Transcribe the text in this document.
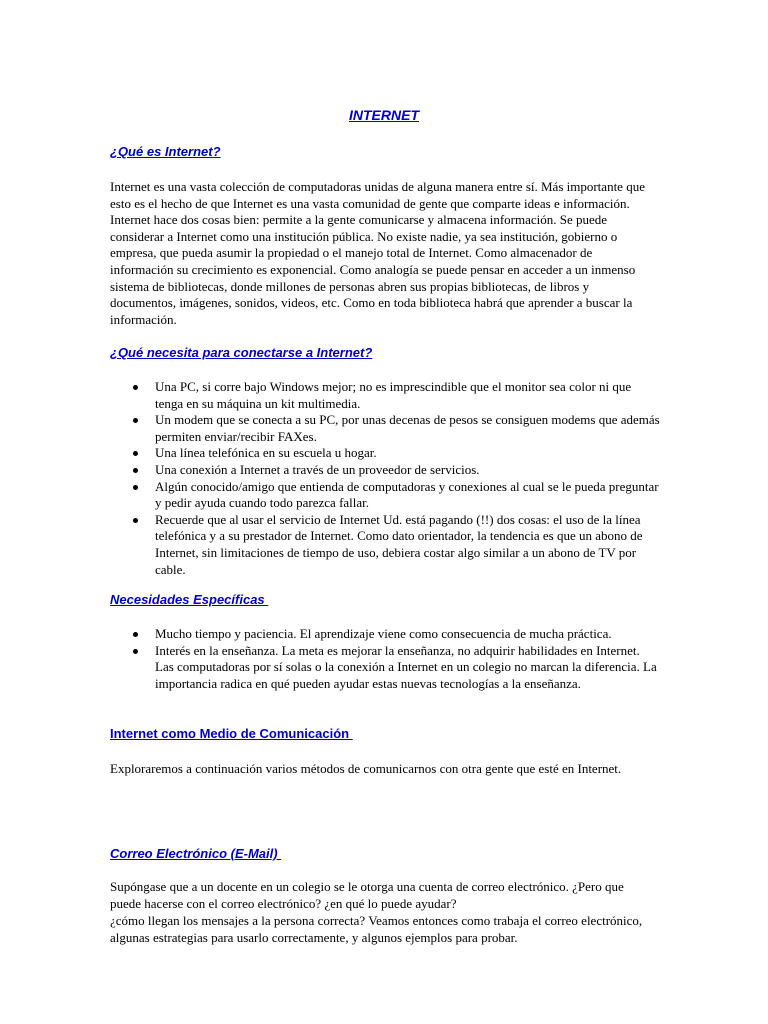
INTERNET
¿Qué es Internet?

Internet es una vasta colección de computadoras unidas de alguna manera entre sí. Más importante que esto es el hecho de que Internet es una vasta comunidad de gente que comparte ideas e información. Internet hace dos cosas bien: permite a la gente comunicarse y almacena información. Se puede considerar a Internet como una institución pública. No existe nadie, ya sea institución, gobierno o empresa, que pueda asumir la propiedad o el manejo total de Internet. Como almacenador de información su crecimiento es exponencial. Como analogía se puede pensar en acceder a un inmenso sistema de bibliotecas, donde millones de personas abren sus propias bibliotecas, de libros y documentos, imágenes, sonidos, videos, etc. Como en toda biblioteca habrá que aprender a buscar la información.

¿Qué necesita para conectarse a Internet?
Una PC, si corre bajo Windows mejor; no es imprescindible que el monitor sea color ni que tenga en su máquina un kit multimedia.
Un modem que se conecta a su PC, por unas decenas de pesos se consiguen modems que además permiten enviar/recibir FAXes.
Una línea telefónica en su escuela u hogar.
Una conexión a Internet a través de un proveedor de servicios.
Algún conocido/amigo que entienda de computadoras y conexiones al cual se le pueda preguntar y pedir ayuda cuando todo parezca fallar.
Recuerde que al usar el servicio de Internet Ud. está pagando (!!) dos cosas: el uso de la línea telefónica y a su prestador de Internet. Como dato orientador, la tendencia es que un abono de Internet, sin limitaciones de tiempo de uso, debiera costar algo similar a un abono de TV por cable.
Necesidades Específicas
Mucho tiempo y paciencia. El aprendizaje viene como consecuencia de mucha práctica.
Interés en la enseñanza. La meta es mejorar la enseñanza, no adquirir habilidades en Internet. Las computadoras por sí solas o la conexión a Internet en un colegio no marcan la diferencia. La importancia radica en qué pueden ayudar estas nuevas tecnologías a la enseñanza.
Internet como Medio de Comunicación

Exploraremos a continuación varios métodos de comunicarnos con otra gente que esté en Internet.

Correo Electrónico (E-Mail)

Supóngase que a un docente en un colegio se le otorga una cuenta de correo electrónico. ¿Pero que puede hacerse con el correo electrónico? ¿en qué lo puede ayudar?

¿cómo llegan los mensajes a la persona correcta? Veamos entonces como trabaja el correo electrónico, algunas estrategias para usarlo correctamente, y algunos ejemplos para probar.
